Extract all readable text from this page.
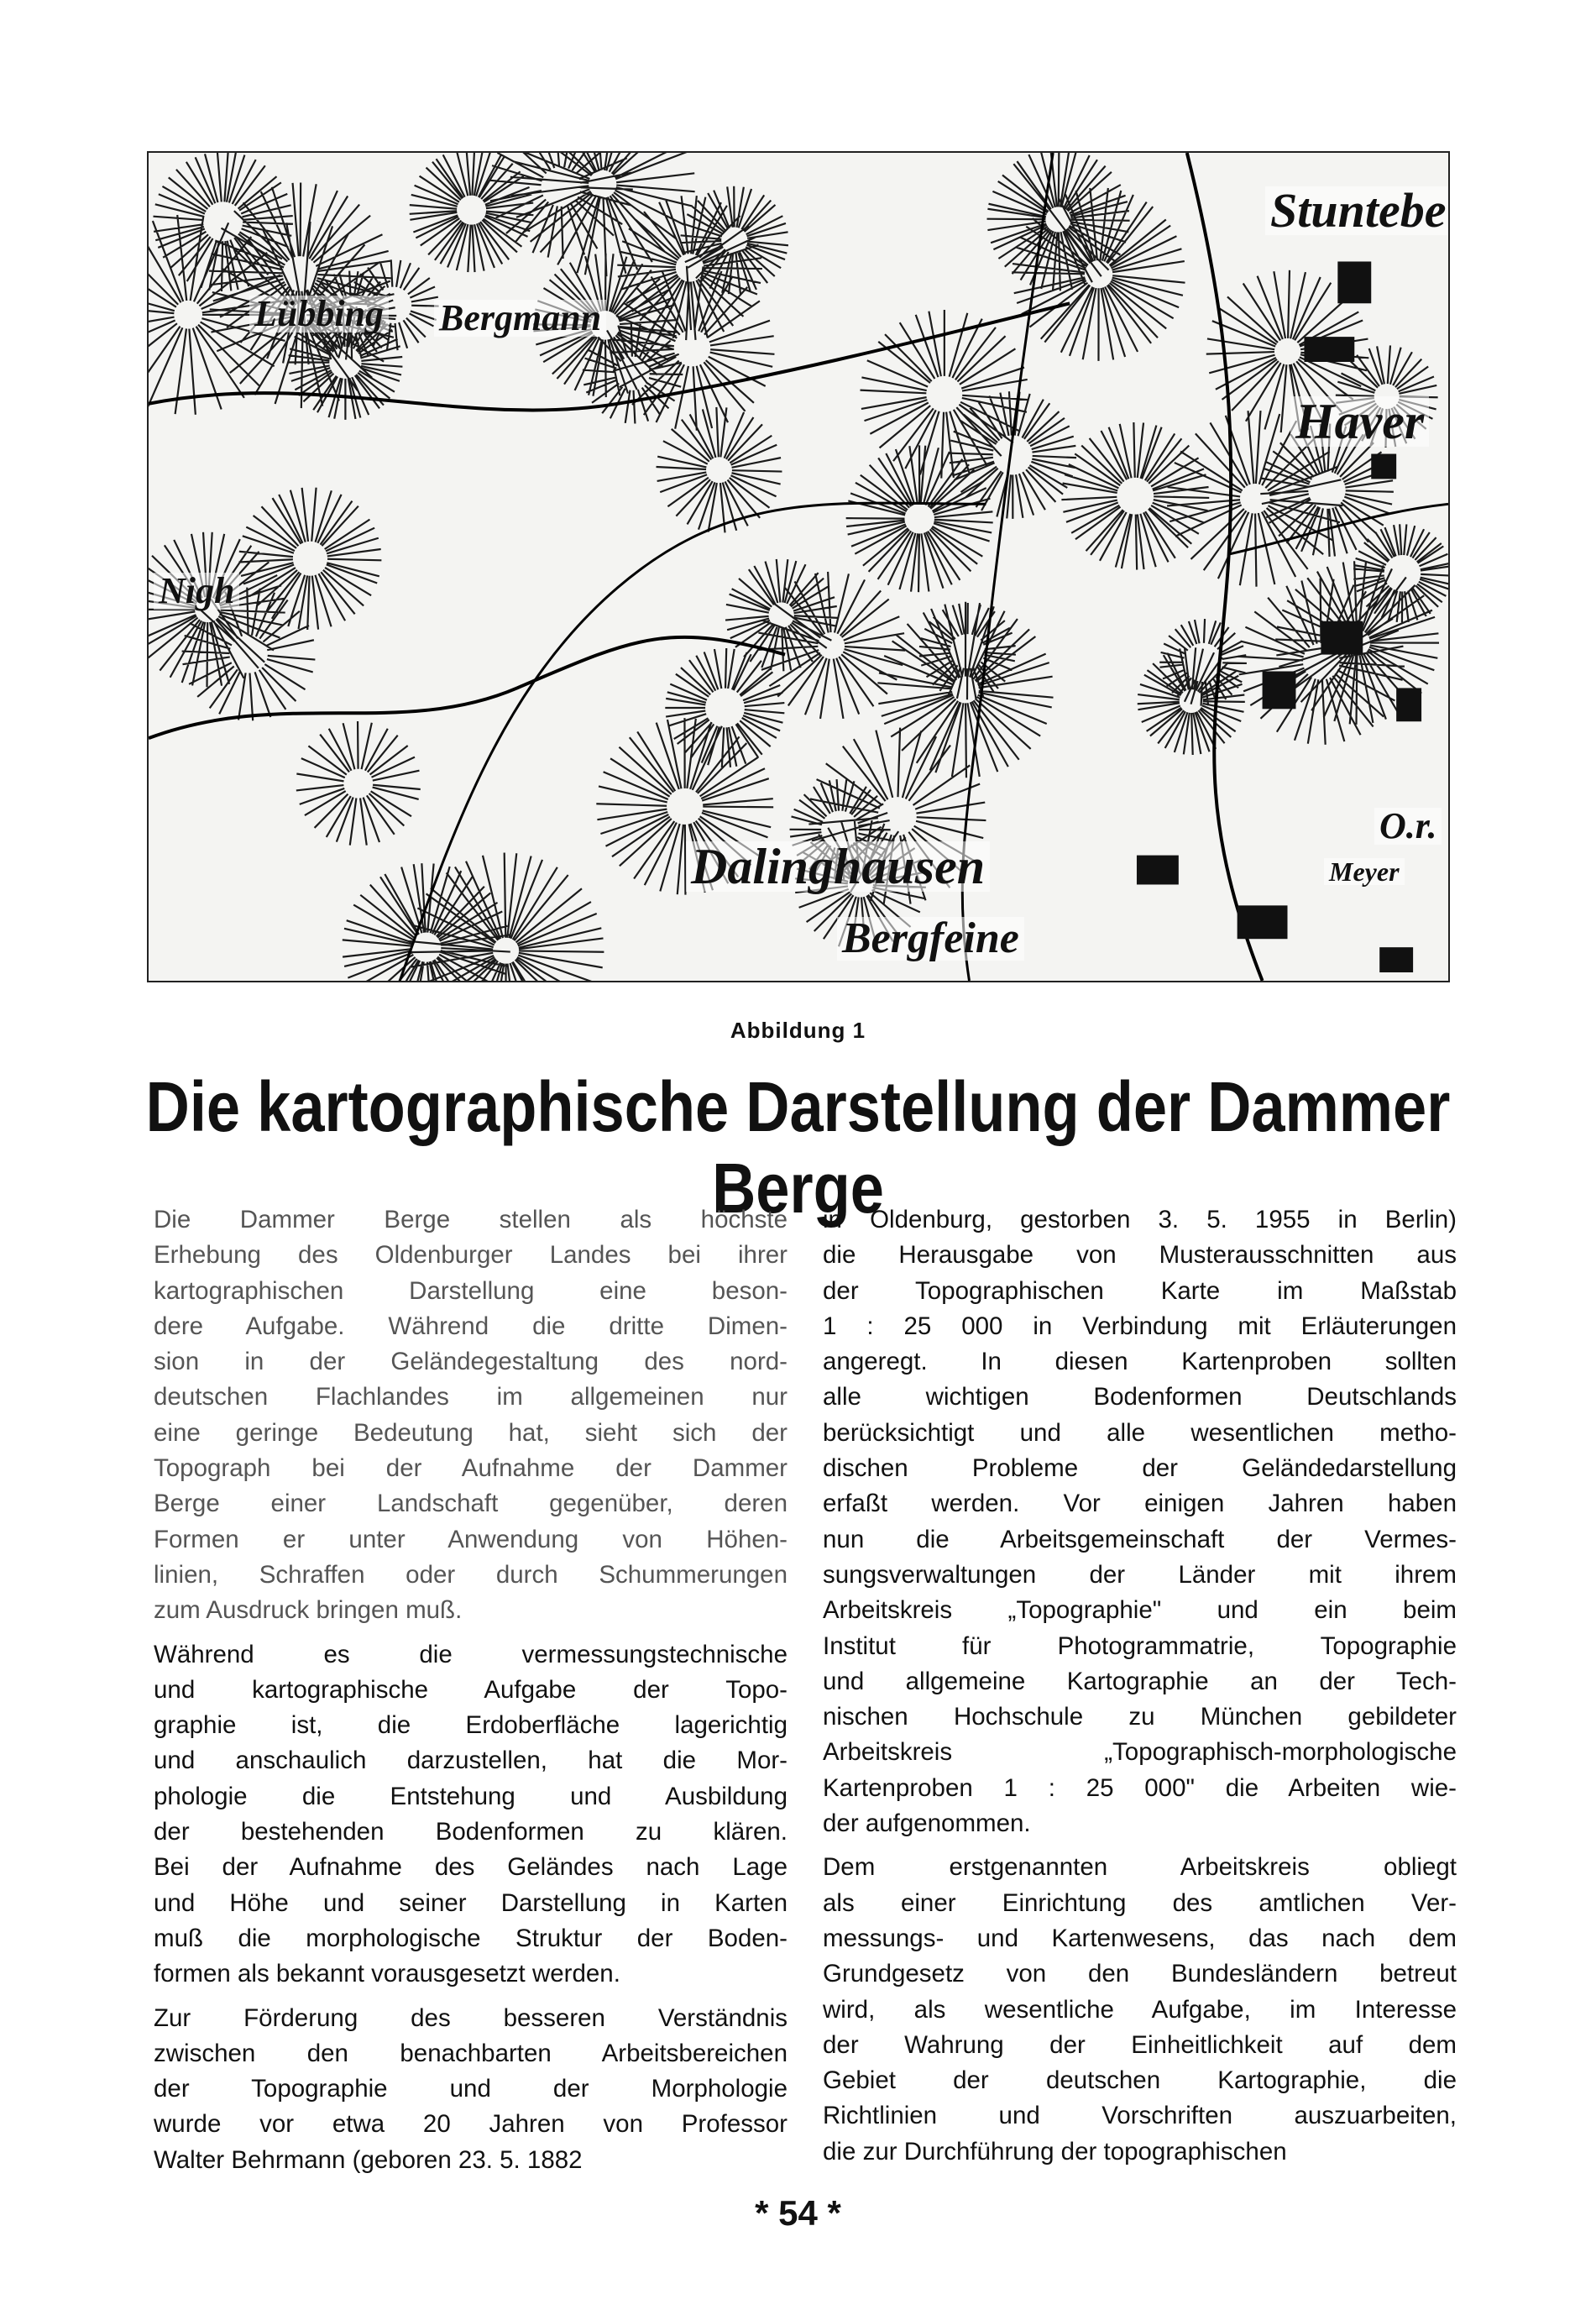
Lübbing Bergmann
Stuntebe
Haver
Meyer
Dalinghausen
Bergfeine
Nigh
O.r.
Abbildung 1
Die kartographische Darstellung der Dammer Berge

Die Dammer Berge stellen als höchste
Erhebung des Oldenburger Landes bei ihrer
kartographischen Darstellung eine beson-
dere Aufgabe. Während die dritte Dimen-
sion in der Geländegestaltung des nord-
deutschen Flachlandes im allgemeinen nur
eine geringe Bedeutung hat, sieht sich der
Topograph bei der Aufnahme der Dammer
Berge einer Landschaft gegenüber, deren
Formen er unter Anwendung von Höhen-
linien, Schraffen oder durch Schummerungen
zum Ausdruck bringen muß.

Während es die vermessungstechnische
und kartographische Aufgabe der Topo-
graphie ist, die Erdoberfläche lagerichtig
und anschaulich darzustellen, hat die Mor-
phologie die Entstehung und Ausbildung
der bestehenden Bodenformen zu klären.
Bei der Aufnahme des Geländes nach Lage
und Höhe und seiner Darstellung in Karten
muß die morphologische Struktur der Boden-
formen als bekannt vorausgesetzt werden.

Zur Förderung des besseren Verständnis
zwischen den benachbarten Arbeitsbereichen
der Topographie und der Morphologie
wurde vor etwa 20 Jahren von Professor
Walter Behrmann (geboren 23. 5. 1882

in Oldenburg, gestorben 3. 5. 1955 in Berlin)
die Herausgabe von Musterausschnitten aus
der Topographischen Karte im Maßstab
1 : 25 000 in Verbindung mit Erläuterungen
angeregt. In diesen Kartenproben sollten
alle wichtigen Bodenformen Deutschlands
berücksichtigt und alle wesentlichen metho-
dischen Probleme der Geländedarstellung
erfaßt werden. Vor einigen Jahren haben
nun die Arbeitsgemeinschaft der Vermes-
sungsverwaltungen der Länder mit ihrem
Arbeitskreis „Topographie" und ein beim
Institut für Photogrammatrie, Topographie
und allgemeine Kartographie an der Tech-
nischen Hochschule zu München gebildeter
Arbeitskreis „Topographisch-morphologische
Kartenproben 1 : 25 000" die Arbeiten wie-
der aufgenommen.

Dem erstgenannten Arbeitskreis obliegt
als einer Einrichtung des amtlichen Ver-
messungs- und Kartenwesens, das nach dem
Grundgesetz von den Bundesländern betreut
wird, als wesentliche Aufgabe, im Interesse
der Wahrung der Einheitlichkeit auf dem
Gebiet der deutschen Kartographie, die
Richtlinien und Vorschriften auszuarbeiten,
die zur Durchführung der topographischen

* 54 *
